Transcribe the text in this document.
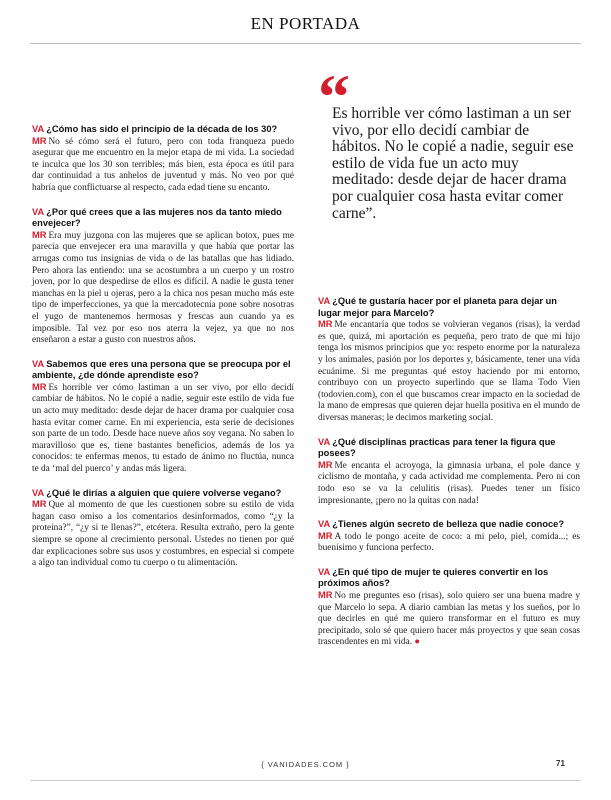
EN PORTADA
“
Es horrible ver cómo lastiman a un ser vivo, por ello decidí cambiar de hábitos. No le copié a nadie, seguir ese estilo de vida fue un acto muy meditado: desde dejar de hacer drama por cualquier cosa hasta evitar comer carne”.

VA ¿Cómo has sido el principio de la década de los 30?

MR No sé cómo será el futuro, pero con toda franqueza puedo asegurar que me encuentro en la mejor etapa de mi vida. La sociedad te inculca que los 30 son terribles; más bien, esta época es útil para dar continuidad a tus anhelos de juventud y más. No veo por qué habría que conflictuarse al respecto, cada edad tiene su encanto.

VA ¿Por qué crees que a las mujeres nos da tanto miedo envejecer?

MR Era muy juzgona con las mujeres que se aplican botox, pues me parecía que envejecer era una maravilla y que había que portar las arrugas como tus insignias de vida o de las batallas que has lidiado. Pero ahora las entiendo: una se acostumbra a un cuerpo y un rostro joven, por lo que despedirse de ellos es difícil. A nadie le gusta tener manchas en la piel u ojeras, pero a la chica nos pesan mucho más este tipo de imperfecciones, ya que la mercadotecnia pone sobre nosotras el yugo de mantenemos hermosas y frescas aun cuando ya es imposible. Tal vez por eso nos aterra la vejez, ya que no nos enseñaron a estar a gusto con nuestros años.

VA Sabemos que eres una persona que se preocupa por el ambiente, ¿de dónde aprendiste eso?

MR Es horrible ver cómo lastiman a un ser vivo, por ello decidí cambiar de hábitos. No le copié a nadie, seguir este estilo de vida fue un acto muy meditado: desde dejar de hacer drama por cualquier cosa hasta evitar comer carne. En mi experiencia, esta serie de decisiones son parte de un todo. Desde hace nueve años soy vegana. No saben lo maravilloso que es, tiene bastantes beneficios, además de los ya conocidos: te enfermas menos, tu estado de ánimo no fluctúa, nunca te da ‘mal del puerco’ y andas más ligera.

VA ¿Qué le dirías a alguien que quiere volverse vegano?

MR Que al momento de que les cuestionen sobre su estilo de vida hagan caso omiso a los comentarios desinformados, como “¿y la proteína?”, “¿y si te llenas?”, etcétera. Resulta extraño, pero la gente siempre se opone al crecimiento personal. Ustedes no tienen por qué dar explicaciones sobre sus usos y costumbres, en especial si compete a algo tan individual como tu cuerpo o tu alimentación.

VA ¿Qué te gustaría hacer por el planeta para dejar un lugar mejor para Marcelo?

MR Me encantaría que todos se volvieran veganos (risas), la verdad es que, quizá, mi aportación es pequeña, pero trato de que mi hijo tenga los mismos principios que yo: respeto enorme por la naturaleza y los animales, pasión por los deportes y, básicamente, tener una vida ecuánime. Si me preguntas qué estoy haciendo por mi entorno, contribuyo con un proyecto superlindo que se llama Todo Vien (todovien.com), con el que buscamos crear impacto en la sociedad de la mano de empresas que quieren dejar huella positiva en el mundo de diversas maneras; le decimos marketing social.

VA ¿Qué disciplinas practicas para tener la figura que posees?

MR Me encanta el acroyoga, la gimnasia urbana, el pole dance y ciclismo de montaña, y cada actividad me complementa. Pero ni con todo eso se va la celulitis (risas). Puedes tener un físico impresionante, ¡pero no la quitas con nada!

VA ¿Tienes algún secreto de belleza que nadie conoce?

MR A todo le pongo aceite de coco: a mi pelo, piel, comida...; es buenísimo y funciona perfecto.

VA ¿En qué tipo de mujer te quieres convertir en los próximos años?

MR No me preguntes eso (risas), solo quiero ser una buena madre y que Marcelo lo sepa. A diario cambian las metas y los sueños, por lo que decirles en qué me quiero transformar en el futuro es muy precipitado, solo sé que quiero hacer más proyectos y que sean cosas trascendentes en mi vida. ●

{ VANIDADES.COM }	71
